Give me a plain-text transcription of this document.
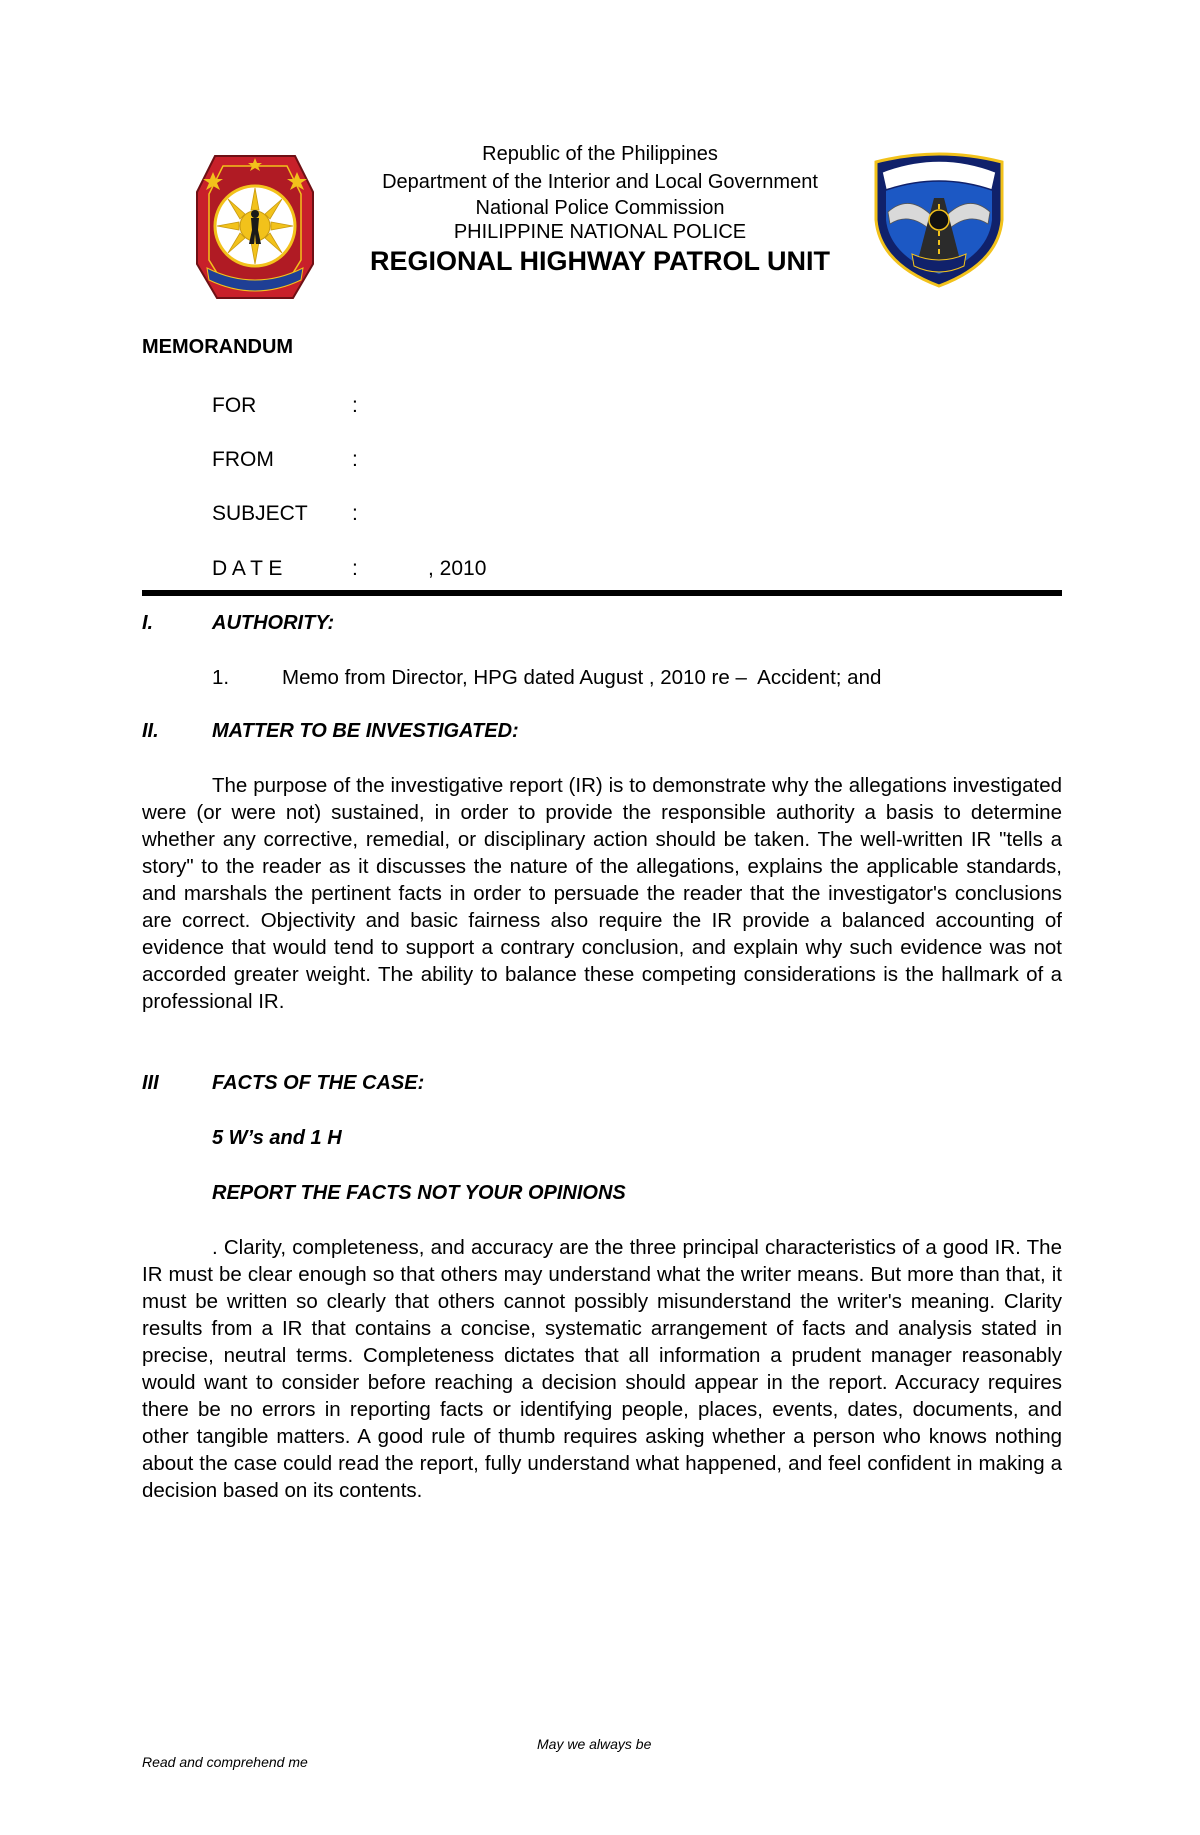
Republic of the Philippines
Department of the Interior and Local Government
National Police Commission
PHILIPPINE NATIONAL POLICE
REGIONAL HIGHWAY PATROL UNIT
MEMORANDUM
FOR	:
FROM	:
SUBJECT :
D A T E	:	, 2010
I.	AUTHORITY:
1.	Memo from Director, HPG dated August , 2010 re –  Accident; and
II.	MATTER TO BE INVESTIGATED:

The purpose of the investigative report (IR) is to demonstrate why the allegations investigated were (or were not) sustained, in order to provide the responsible authority a basis to determine whether any corrective, remedial, or disciplinary action should be taken. The well-written IR "tells a story" to the reader as it discusses the nature of the allegations, explains the applicable standards, and marshals the pertinent facts in order to persuade the reader that the investigator's conclusions are correct. Objectivity and basic fairness also require the IR provide a balanced accounting of evidence that would tend to support a contrary conclusion, and explain why such evidence was not accorded greater weight. The ability to balance these competing considerations is the hallmark of a professional IR.

III	FACTS OF THE CASE:
5 W’s and 1 H
REPORT THE FACTS NOT YOUR OPINIONS

. Clarity, completeness, and accuracy are the three principal characteristics of a good IR. The IR must be clear enough so that others may understand what the writer means. But more than that, it must be written so clearly that others cannot possibly misunderstand the writer's meaning. Clarity results from a IR that contains a concise, systematic arrangement of facts and analysis stated in precise, neutral terms. Completeness dictates that all information a prudent manager reasonably would want to consider before reaching a decision should appear in the report. Accuracy requires there be no errors in reporting facts or identifying people, places, events, dates, documents, and other tangible matters. A good rule of thumb requires asking whether a person who knows nothing about the case could read the report, fully understand what happened, and feel confident in making a decision based on its contents.

May we always be
Read and comprehend me
